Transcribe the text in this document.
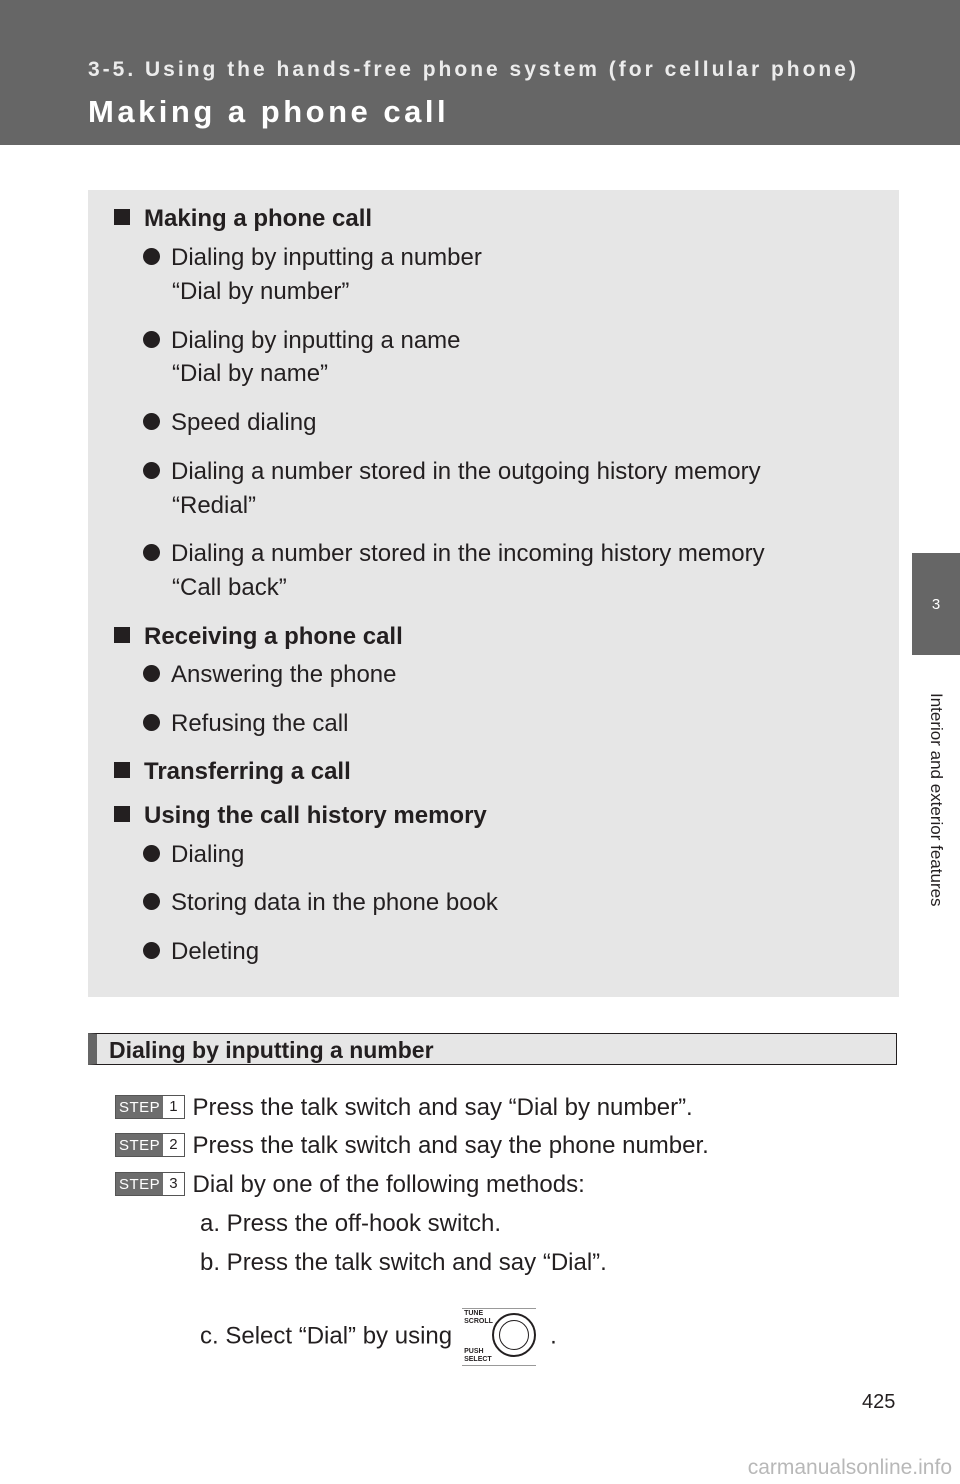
3-5. Using the hands-free phone system (for cellular phone)
Making a phone call
3
Interior and exterior features
Making a phone call
Dialing by inputting a number
“Dial by number”
Dialing by inputting a name
“Dial by name”
Speed dialing
Dialing a number stored in the outgoing history memory
“Redial”
Dialing a number stored in the incoming history memory
“Call back”
Receiving a phone call
Answering the phone
Refusing the call
Transferring a call
Using the call history memory
Dialing
Storing data in the phone book
Deleting
Dialing by inputting a number
STEP 1 Press the talk switch and say “Dial by number”.
STEP 2 Press the talk switch and say the phone number.
STEP 3 Dial by one of the following methods:
a. Press the off-hook switch.
b. Press the talk switch and say “Dial”.
c. Select “Dial” by using
TUNE
SCROLL
PUSH
SELECT
.
425
carmanualsonline.info
